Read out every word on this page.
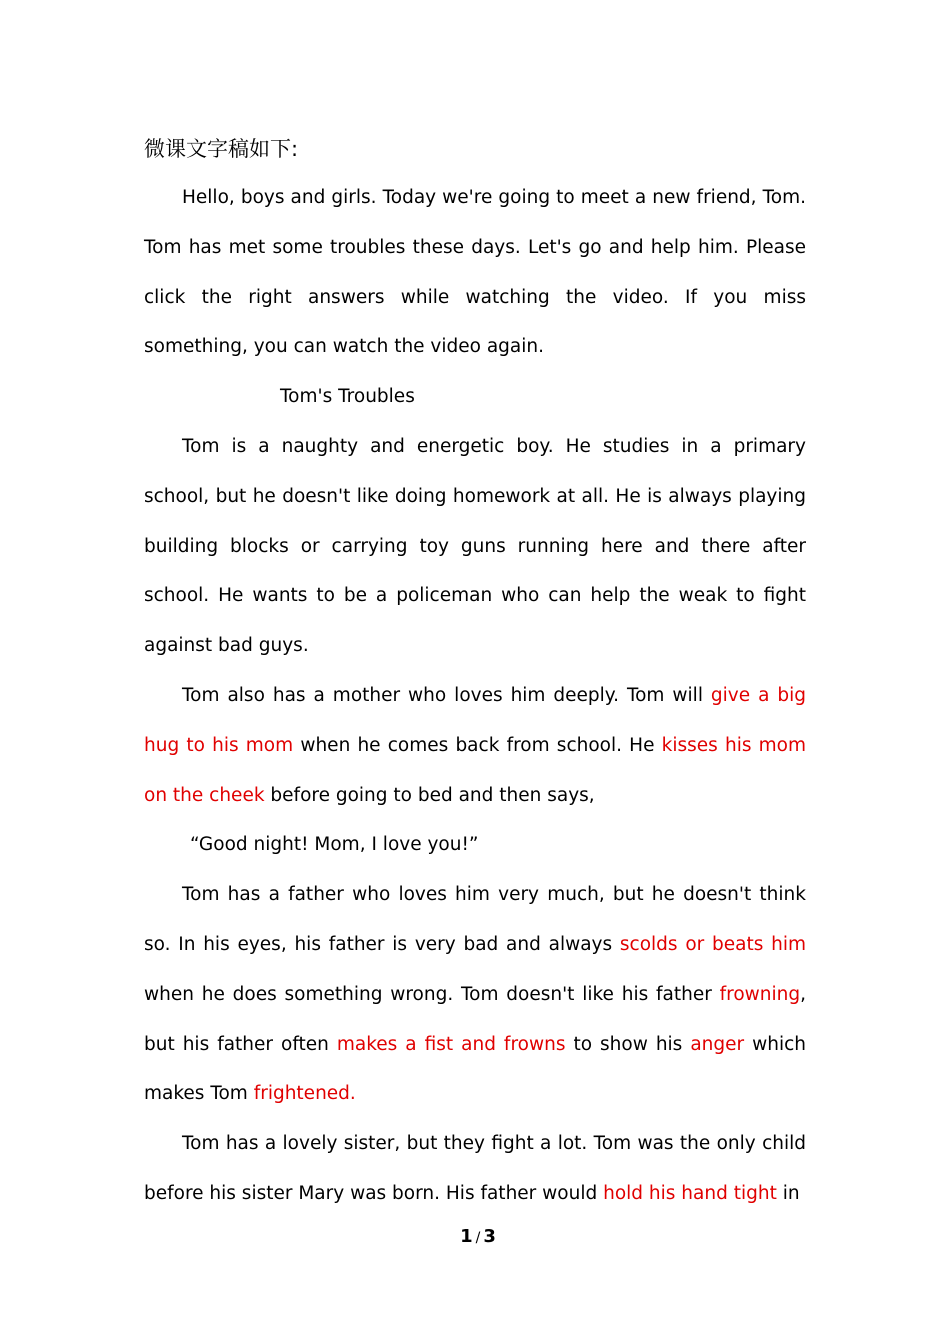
微课文字稿如下:

Hello, boys and girls. Today we're going to meet a new friend, Tom. Tom has met some troubles these days. Let's go and help him. Please click the right answers while watching the video. If you miss something, you can watch the video again.

Tom's Troubles

Tom is a naughty and energetic boy. He studies in a primary school, but he doesn't like doing homework at all. He is always playing building blocks or carrying toy guns running here and there after school. He wants to be a policeman who can help the weak to fight against bad guys.

Tom also has a mother who loves him deeply. Tom will give a big hug to his mom when he comes back from school. He kisses his mom on the cheek before going to bed and then says,

“Good night! Mom, I love you!”

Tom has a father who loves him very much, but he doesn't think so. In his eyes, his father is very bad and always scolds or beats him when he does something wrong. Tom doesn't like his father frowning, but his father often makes a fist and frowns to show his anger which makes Tom frightened.

Tom has a lovely sister, but they fight a lot. Tom was the only child before his sister Mary was born. His father would hold his hand tight in

1 / 3
